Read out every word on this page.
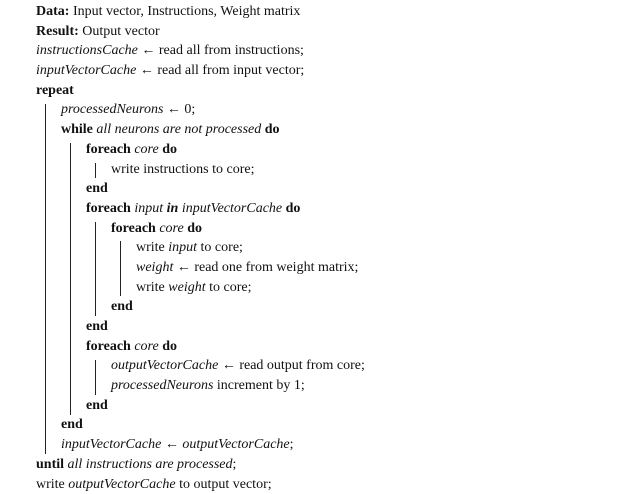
Data: Input vector, Instructions, Weight matrix
Result: Output vector
instructionsCache ← read all from instructions;
inputVectorCache ← read all from input vector;
repeat
processedNeurons ← 0;
while all neurons are not processed do
foreach core do
write instructions to core;
end
foreach input in inputVectorCache do
foreach core do
write input to core;
weight ← read one from weight matrix;
write weight to core;
end
end
foreach core do
outputVectorCache ← read output from core;
processedNeurons increment by 1;
end
end
inputVectorCache ← outputVectorCache;
until all instructions are processed;
write outputVectorCache to output vector;
